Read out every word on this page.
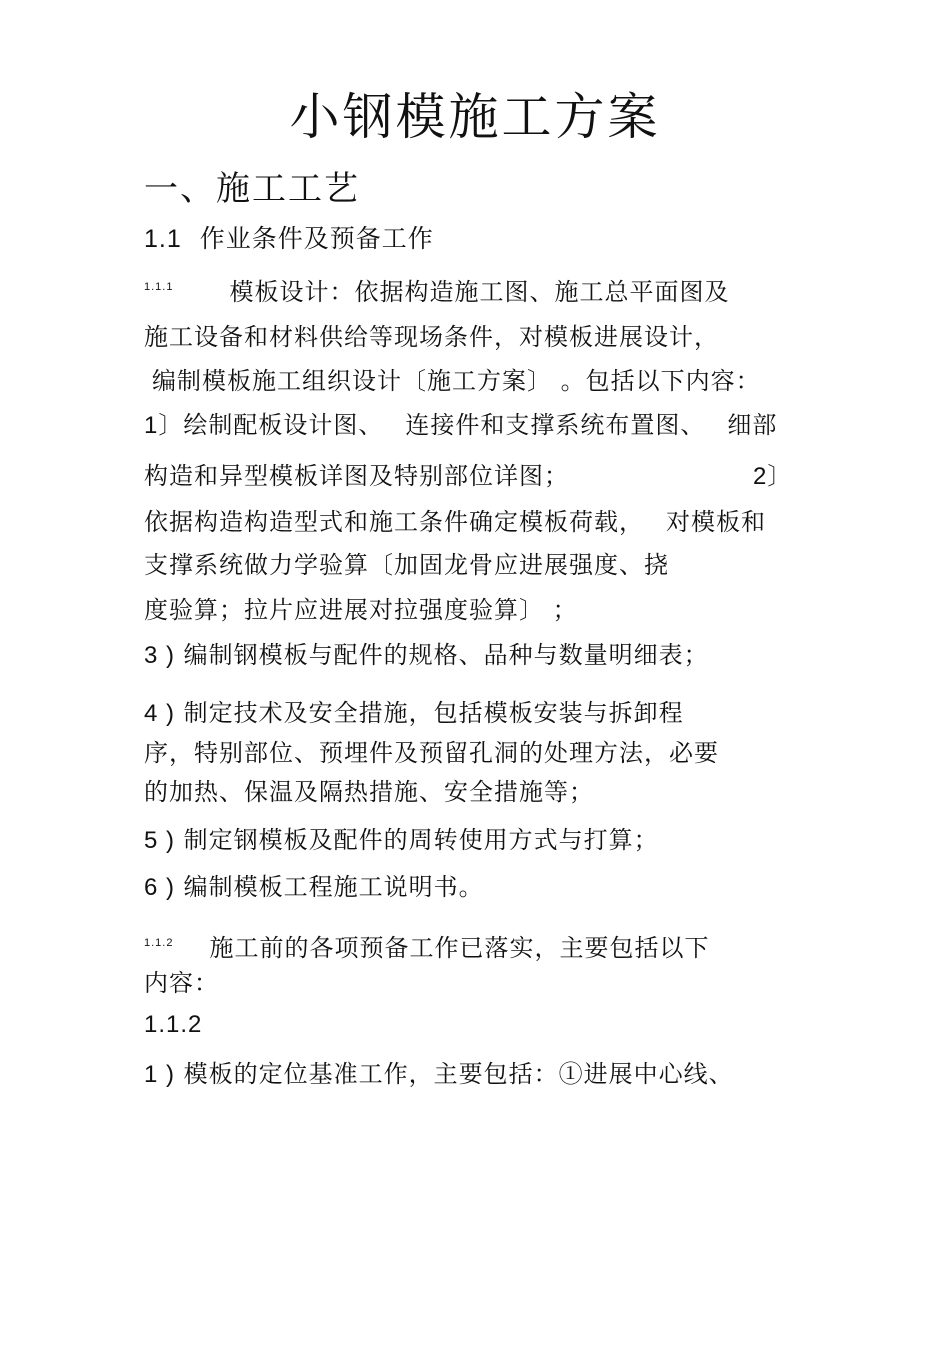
小钢模施工方案
一、施工工艺
1.1 作业条件及预备工作
1.1.1 模板设计：依据构造施工图、施工总平面图及
施工设备和材料供给等现场条件，对模板进展设计，
编制模板施工组织设计〔施工方案〕 。包括以下内容：
1〕绘制配板设计图、 连接件和支撑系统布置图、 细部
构造和异型模板详图及特别部位详图；	2〕
依据构造构造型式和施工条件确定模板荷载， 对模板和
支撑系统做力学验算〔加固龙骨应进展强度、挠
度验算；拉片应进展对拉强度验算〕 ；
3 ) 编制钢模板与配件的规格、品种与数量明细表；
4 ) 制定技术及安全措施，包括模板安装与拆卸程
序，特别部位、预埋件及预留孔洞的处理方法，必要
的加热、保温及隔热措施、安全措施等；
5 ) 制定钢模板及配件的周转使用方式与打算；
6 ) 编制模板工程施工说明书。
1.1.2 施工前的各项预备工作已落实，主要包括以下
内容：
1.1.2
1 ) 模板的定位基准工作，主要包括：①进展中心线、
